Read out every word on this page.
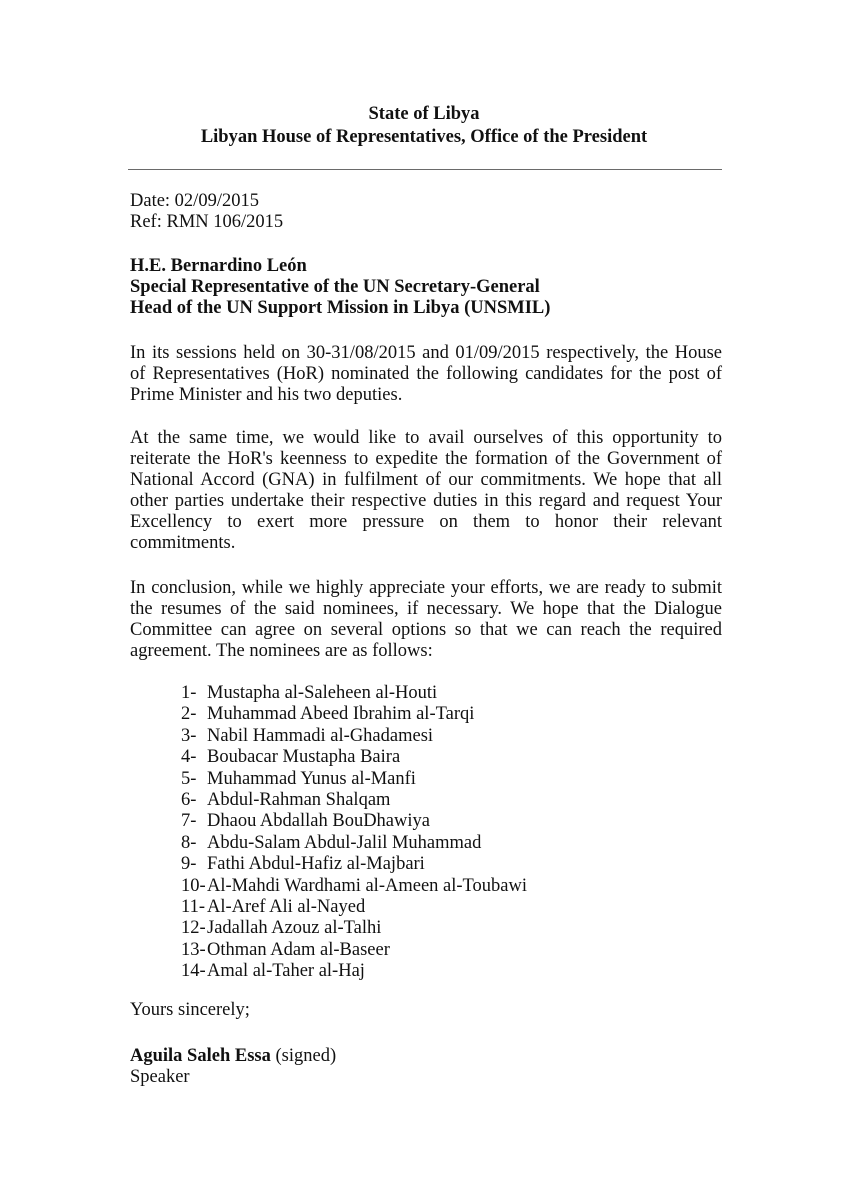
State of Libya
Libyan House of Representatives, Office of the President
Date: 02/09/2015
Ref: RMN 106/2015
H.E. Bernardino León
Special Representative of the UN Secretary-General
Head of the UN Support Mission in Libya (UNSMIL)
In its sessions held on 30-31/08/2015 and 01/09/2015 respectively, the House of Representatives (HoR) nominated the following candidates for the post of Prime Minister and his two deputies.
At the same time, we would like to avail ourselves of this opportunity to reiterate the HoR's keenness to expedite the formation of the Government of National Accord (GNA) in fulfilment of our commitments. We hope that all other parties undertake their respective duties in this regard and request Your Excellency to exert more pressure on them to honor their relevant commitments.
In conclusion, while we highly appreciate your efforts, we are ready to submit the resumes of the said nominees, if necessary. We hope that the Dialogue Committee can agree on several options so that we can reach the required agreement. The nominees are as follows:
1- Mustapha al-Saleheen al-Houti
2- Muhammad Abeed Ibrahim al-Tarqi
3- Nabil Hammadi al-Ghadamesi
4- Boubacar Mustapha Baira
5- Muhammad Yunus al-Manfi
6- Abdul-Rahman Shalqam
7- Dhaou Abdallah BouDhawiya
8- Abdu-Salam Abdul-Jalil Muhammad
9- Fathi Abdul-Hafiz al-Majbari
10- Al-Mahdi Wardhami al-Ameen al-Toubawi
11- Al-Aref Ali al-Nayed
12- Jadallah Azouz al-Talhi
13- Othman Adam al-Baseer
14- Amal al-Taher al-Haj
Yours sincerely;
Aguila Saleh Essa (signed)
Speaker
